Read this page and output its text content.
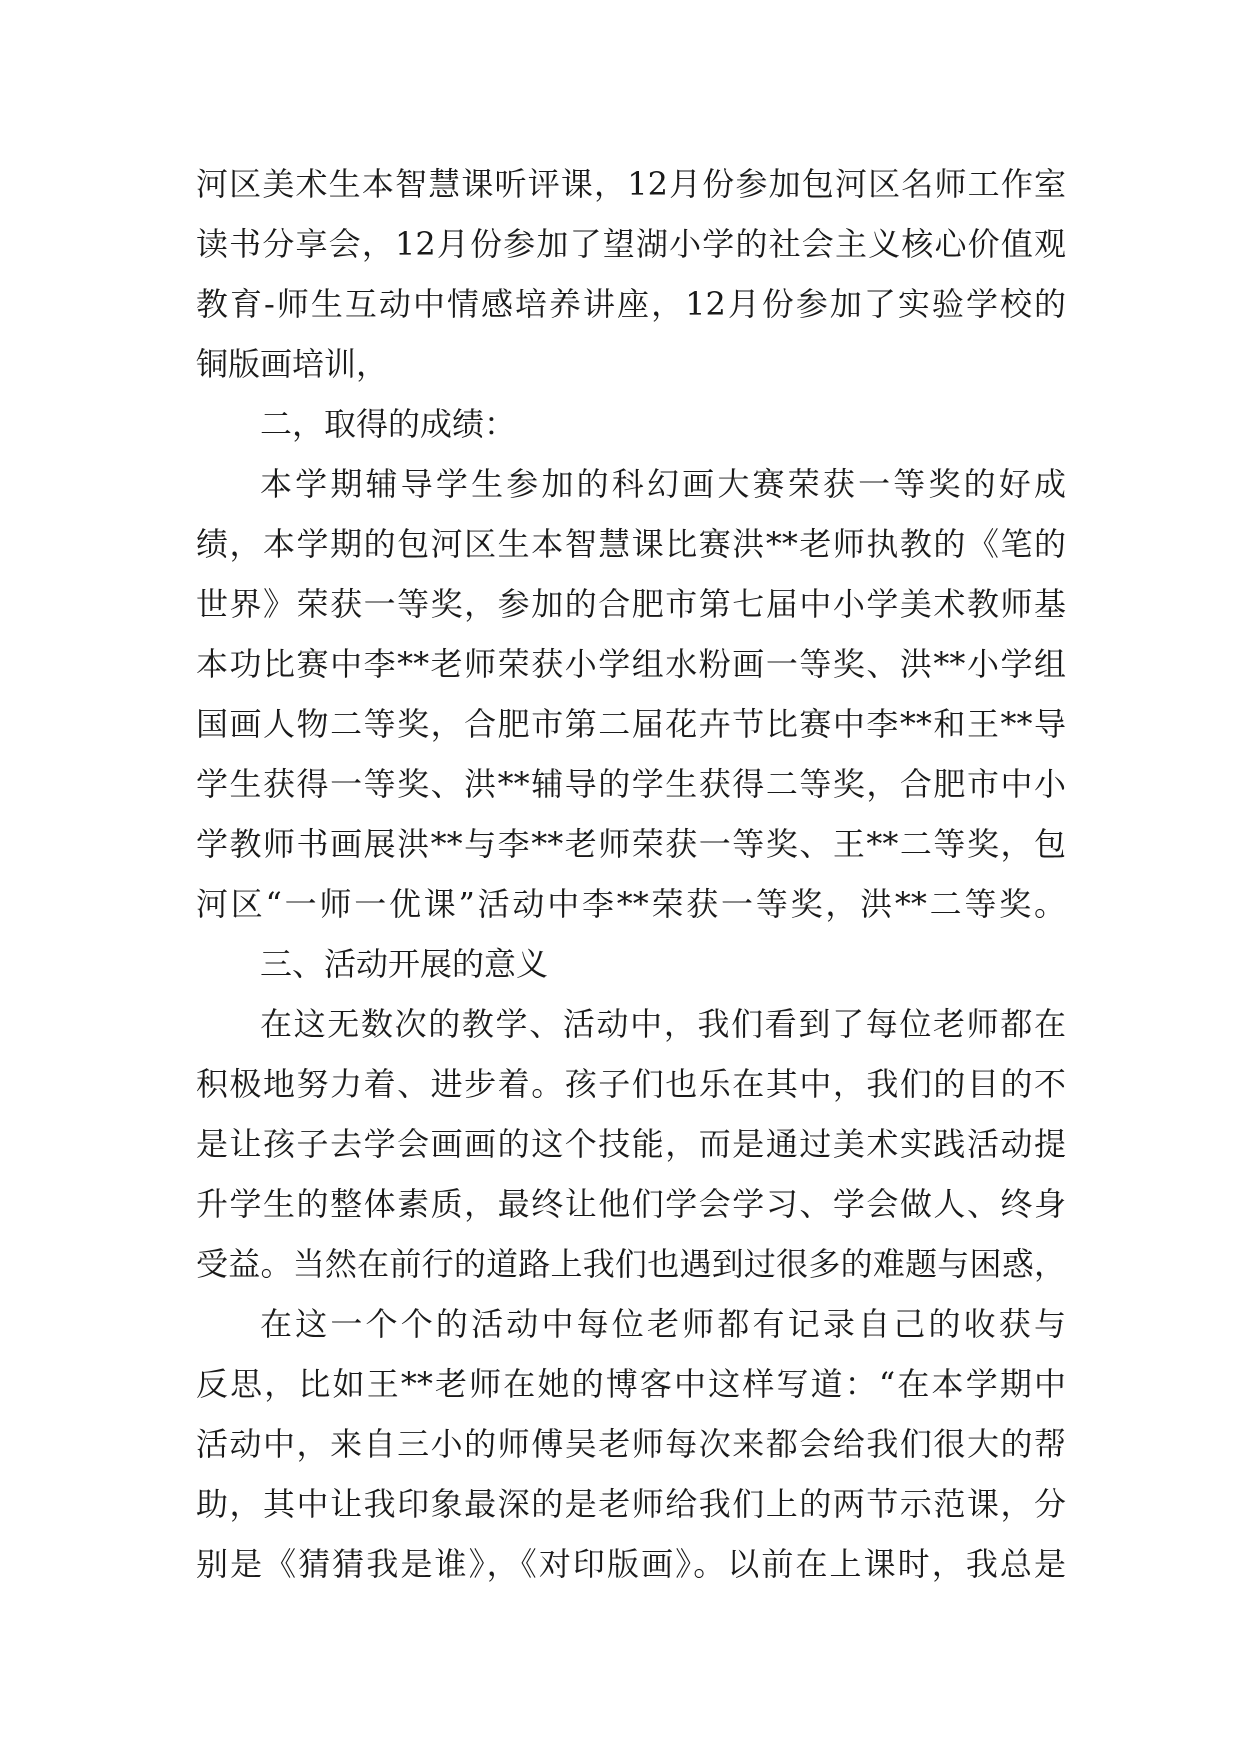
河区美术生本智慧课听评课，12月份参加包河区名师工作室
读书分享会，12月份参加了望湖小学的社会主义核心价值观
教育-师生互动中情感培养讲座，12月份参加了实验学校的
铜版画培训，
二，取得的成绩：
本学期辅导学生参加的科幻画大赛荣获一等奖的好成
绩，本学期的包河区生本智慧课比赛洪**老师执教的《笔的
世界》荣获一等奖，参加的合肥市第七届中小学美术教师基
本功比赛中李**老师荣获小学组水粉画一等奖、洪**小学组
国画人物二等奖，合肥市第二届花卉节比赛中李**和王**导
学生获得一等奖、洪**辅导的学生获得二等奖，合肥市中小
学教师书画展洪**与李**老师荣获一等奖、王**二等奖，包
河区“一师一优课”活动中李**荣获一等奖，洪**二等奖。
三、活动开展的意义
在这无数次的教学、活动中，我们看到了每位老师都在
积极地努力着、进步着。孩子们也乐在其中，我们的目的不
是让孩子去学会画画的这个技能，而是通过美术实践活动提
升学生的整体素质，最终让他们学会学习、学会做人、终身
受益。当然在前行的道路上我们也遇到过很多的难题与困惑，
在这一个个的活动中每位老师都有记录自己的收获与
反思，比如王**老师在她的博客中这样写道：“在本学期中
活动中，来自三小的师傅吴老师每次来都会给我们很大的帮
助，其中让我印象最深的是老师给我们上的两节示范课，分
别是《猜猜我是谁》，《对印版画》。以前在上课时，我总是
